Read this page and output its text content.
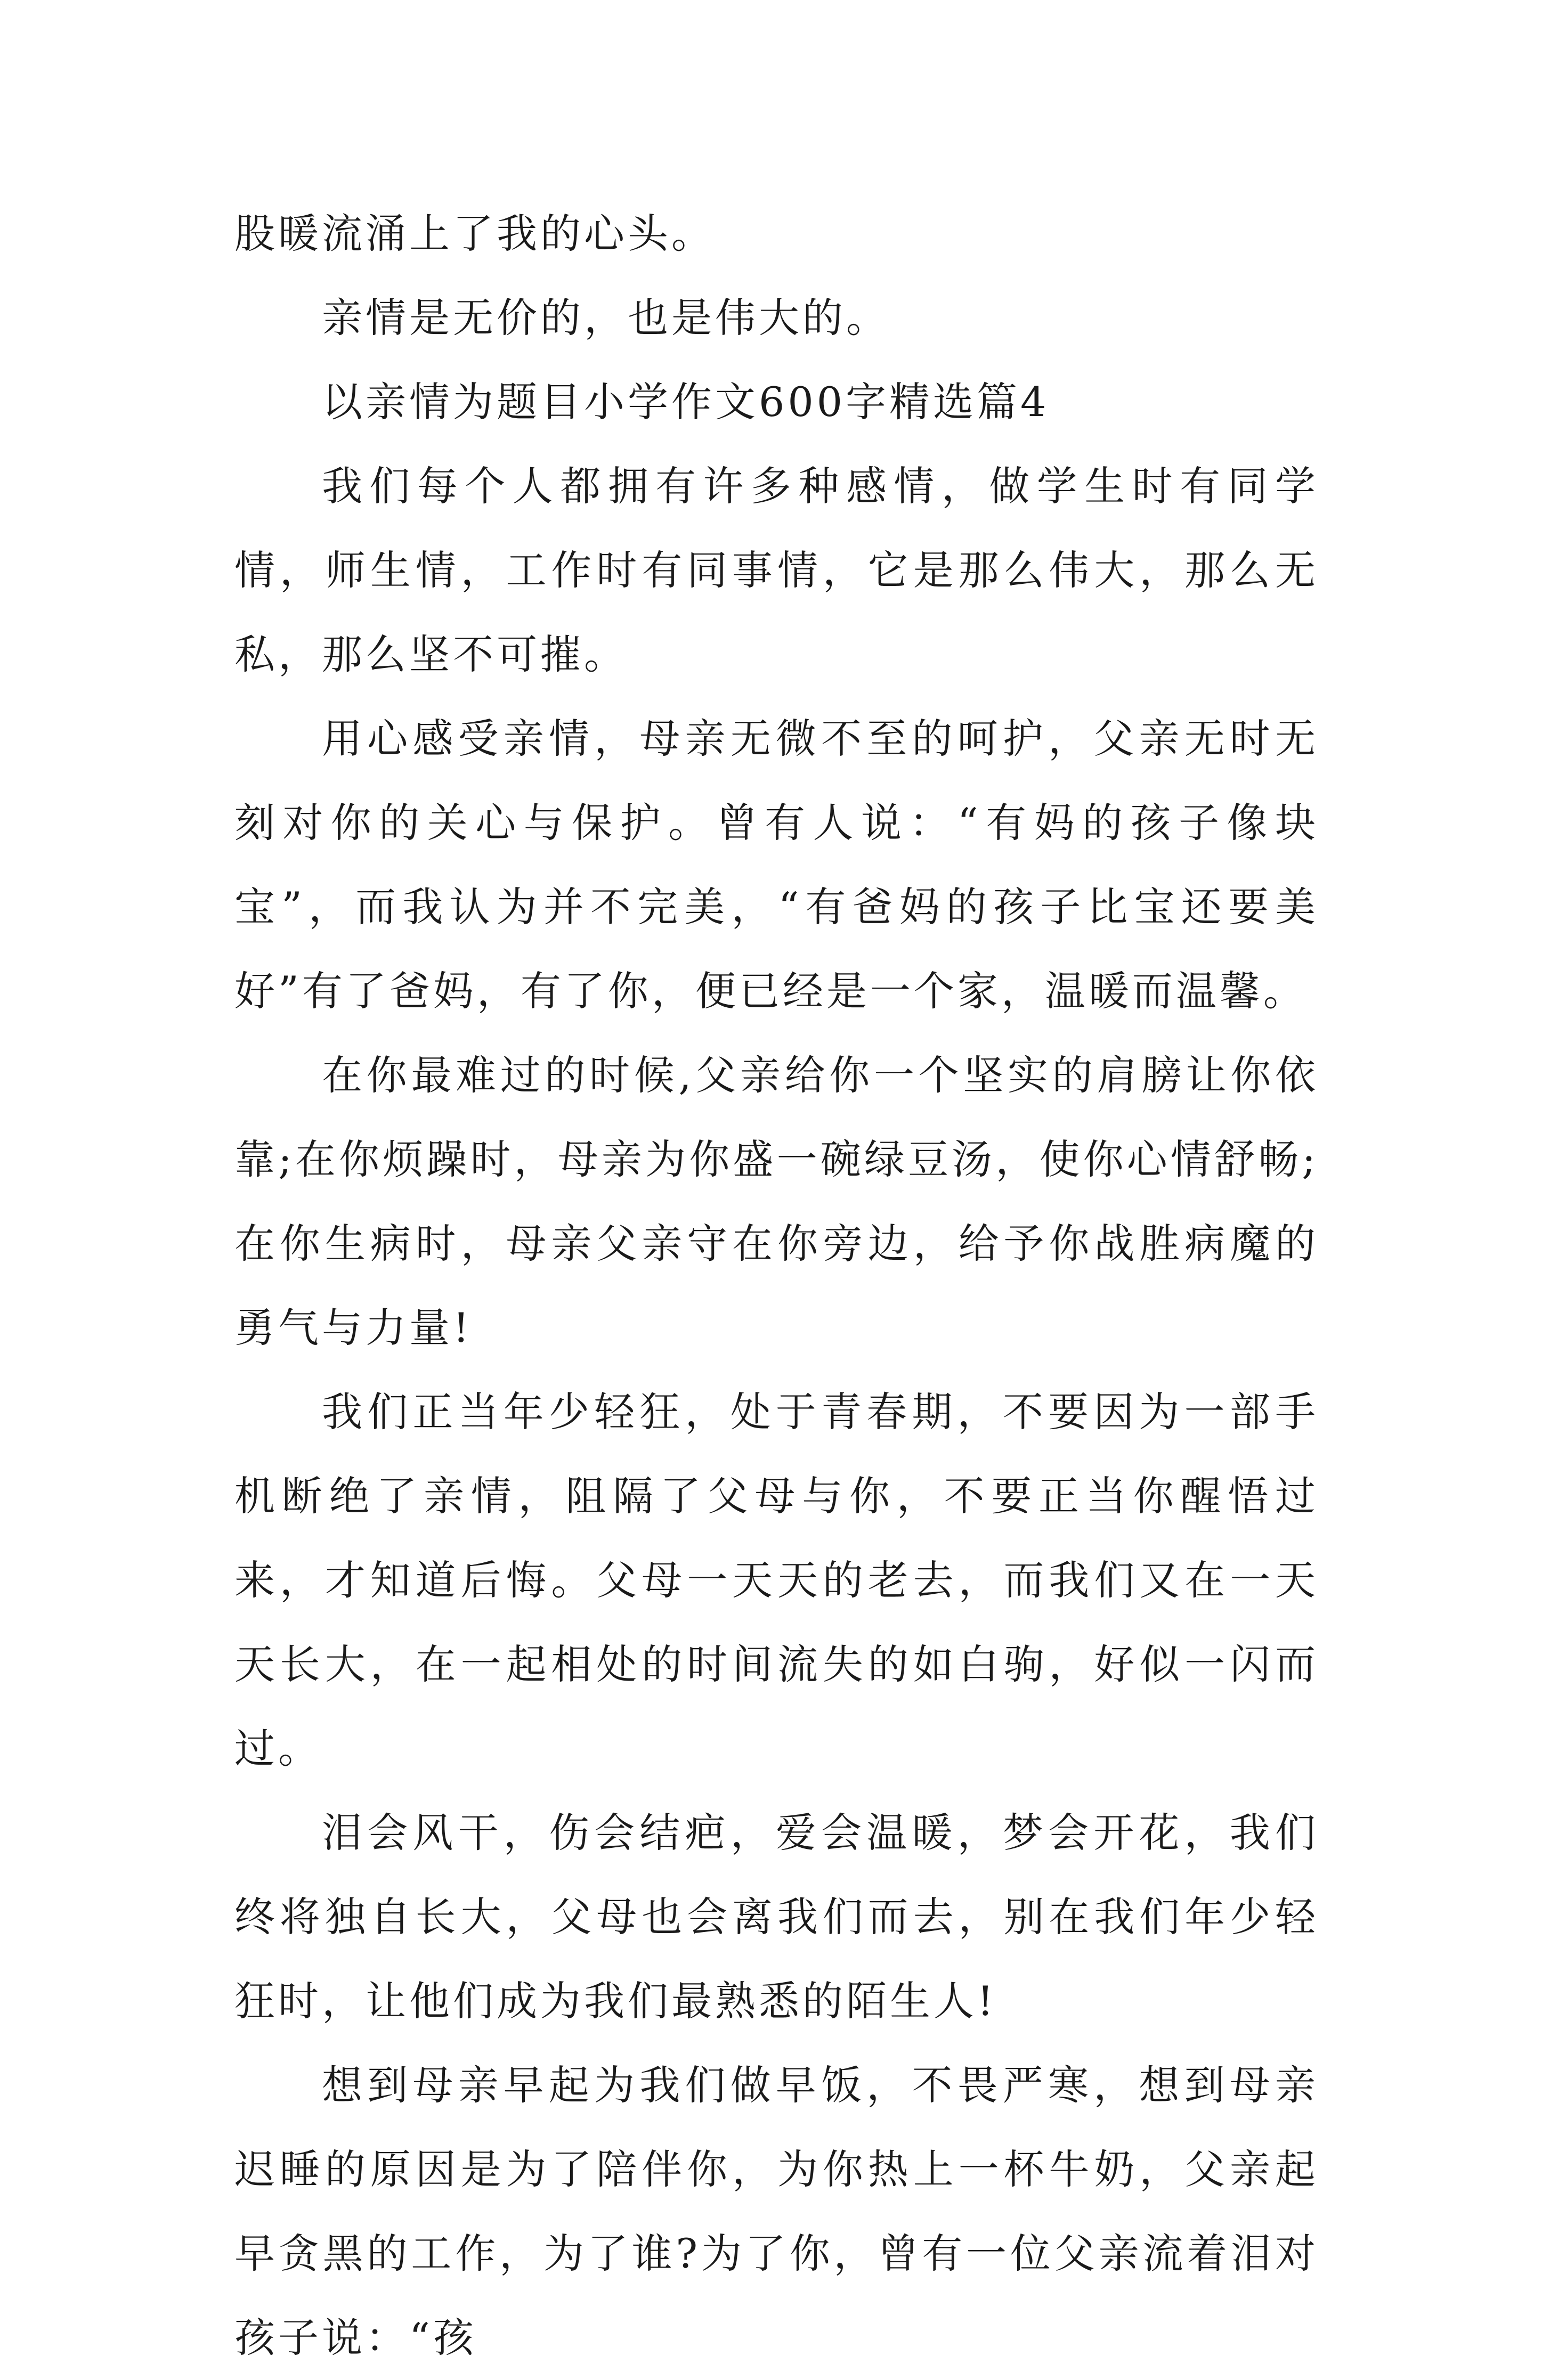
股暖流涌上了我的心头。

亲情是无价的，也是伟大的。

以亲情为题目小学作文600字精选篇4

我们每个人都拥有许多种感情，做学生时有同学情，师生情，工作时有同事情，它是那么伟大，那么无私，那么坚不可摧。

用心感受亲情，母亲无微不至的呵护，父亲无时无刻对你的关心与保护。曾有人说：“有妈的孩子像块宝”，而我认为并不完美，“有爸妈的孩子比宝还要美好”有了爸妈，有了你，便已经是一个家，温暖而温馨。

在你最难过的时候,父亲给你一个坚实的肩膀让你依靠;在你烦躁时，母亲为你盛一碗绿豆汤，使你心情舒畅;在你生病时，母亲父亲守在你旁边，给予你战胜病魔的勇气与力量!

我们正当年少轻狂，处于青春期，不要因为一部手机断绝了亲情，阻隔了父母与你，不要正当你醒悟过来，才知道后悔。父母一天天的老去，而我们又在一天天长大，在一起相处的时间流失的如白驹，好似一闪而过。

泪会风干，伤会结疤，爱会温暖，梦会开花，我们终将独自长大，父母也会离我们而去，别在我们年少轻狂时，让他们成为我们最熟悉的陌生人!

想到母亲早起为我们做早饭，不畏严寒，想到母亲迟睡的原因是为了陪伴你，为你热上一杯牛奶，父亲起早贪黑的工作，为了谁?为了你，曾有一位父亲流着泪对孩子说：“孩
